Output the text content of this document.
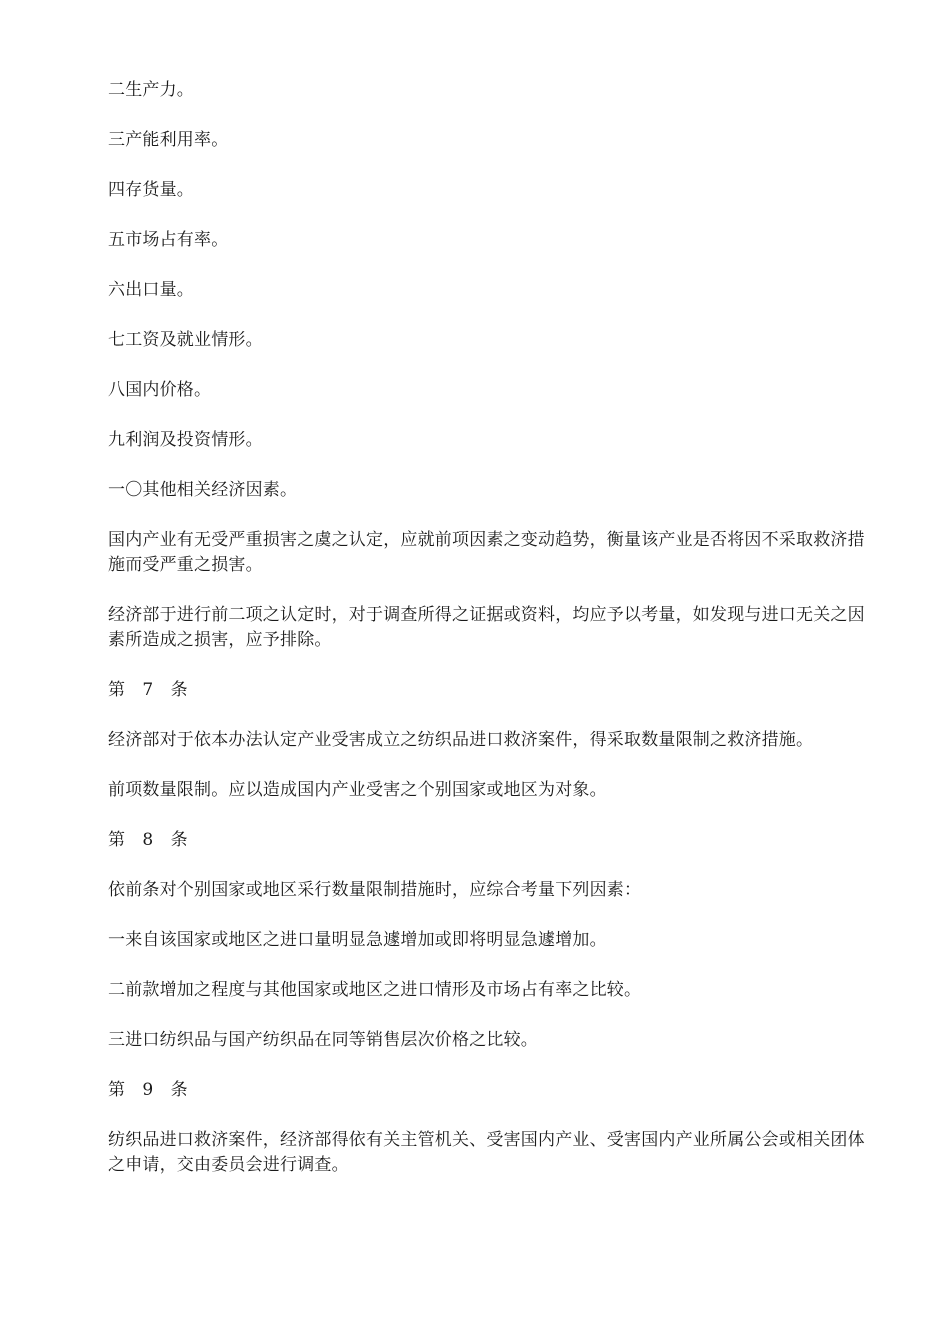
二生产力。

三产能利用率。

四存货量。

五市场占有率。

六出口量。

七工资及就业情形。

八国内价格。

九利润及投资情形。

一〇其他相关经济因素。

国内产业有无受严重损害之虞之认定，应就前项因素之变动趋势，衡量该产业是否将因不采取救济措施而受严重之损害。

经济部于进行前二项之认定时，对于调查所得之证据或资料，均应予以考量，如发现与进口无关之因素所造成之损害，应予排除。

第 7 条

经济部对于依本办法认定产业受害成立之纺织品进口救济案件，得采取数量限制之救济措施。

前项数量限制。应以造成国内产业受害之个别国家或地区为对象。

第 8 条

依前条对个别国家或地区采行数量限制措施时，应综合考量下列因素：

一来自该国家或地区之进口量明显急遽增加或即将明显急遽增加。

二前款增加之程度与其他国家或地区之进口情形及市场占有率之比较。

三进口纺织品与国产纺织品在同等销售层次价格之比较。

第 9 条

纺织品进口救济案件，经济部得依有关主管机关、受害国内产业、受害国内产业所属公会或相关团体之申请，交由委员会进行调查。
